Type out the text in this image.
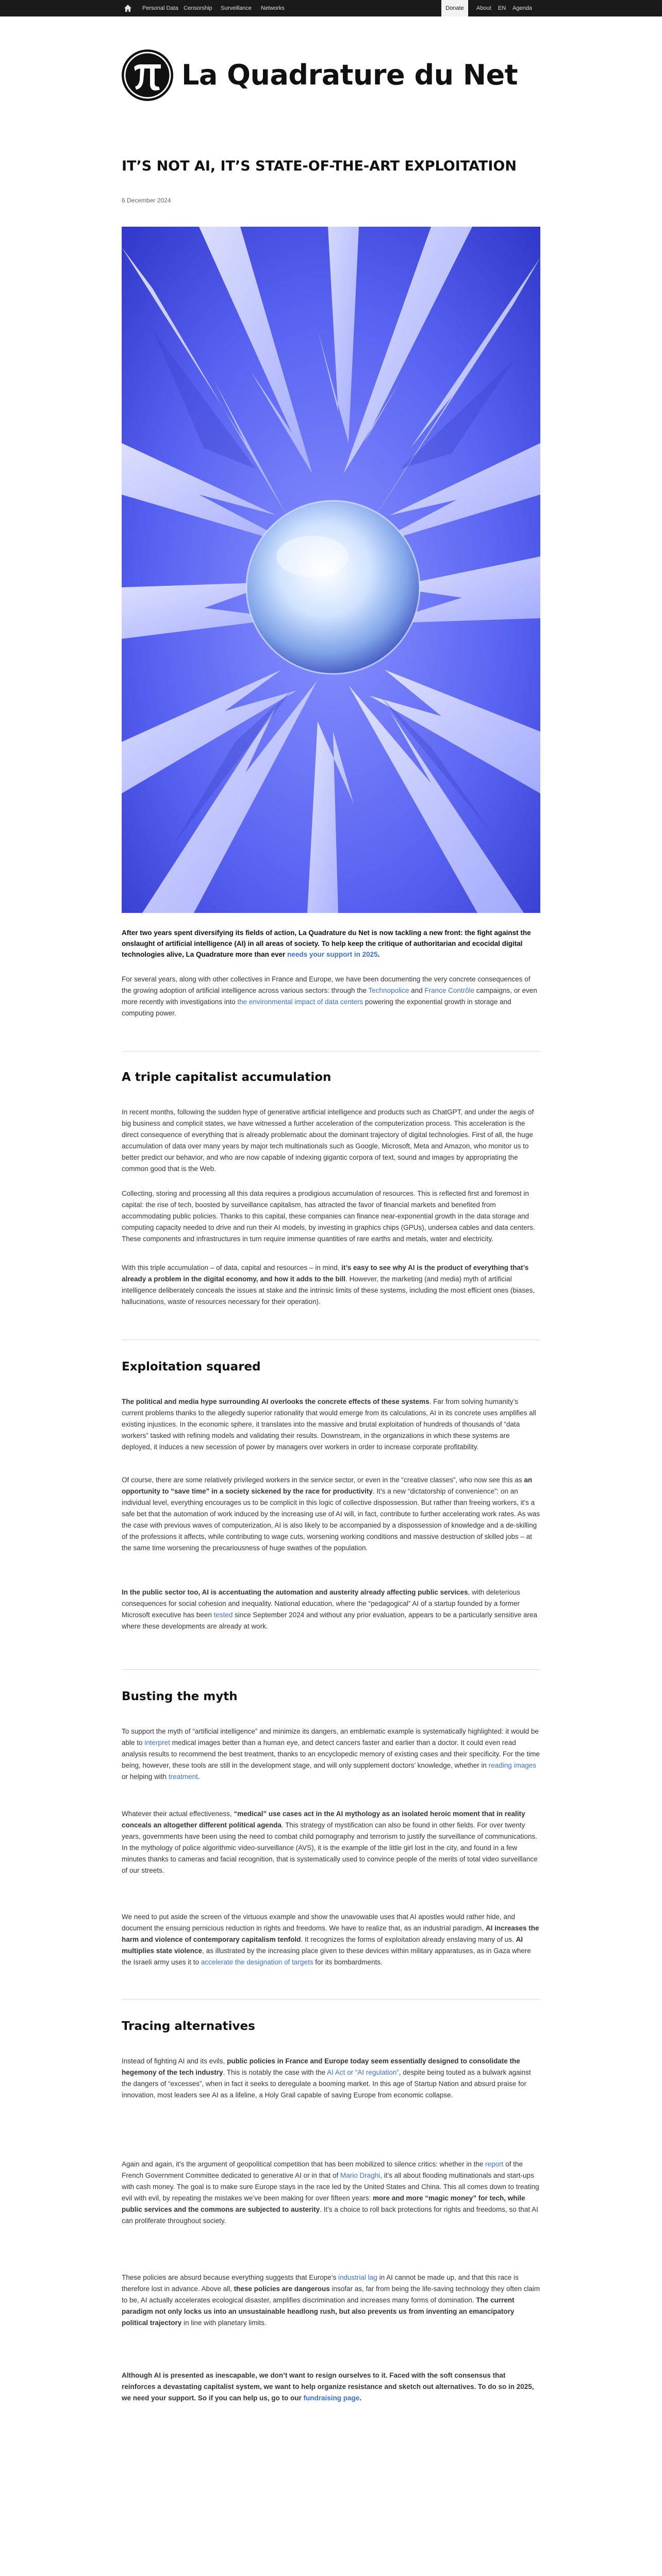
Personal Data Censorship Surveillance Networks	Donate	About EN Agenda
La Quadrature du Net
IT’S NOT AI, IT’S STATE-OF-THE-ART EXPLOITATION
6 December 2024
After two years spent diversifying its fields of action, La Quadrature du Net is now tackling a new front: the fight against the onslaught of artificial intelligence (AI) in all areas of society. To help keep the critique of authoritarian and ecocidal digital technologies alive, La Quadrature more than ever needs your support in 2025.

For several years, along with other collectives in France and Europe, we have been documenting the very concrete consequences of the growing adoption of artificial intelligence across various sectors: through the Technopolice and France Contrôle campaigns, or even more recently with investigations into the environmental impact of data centers powering the exponential growth in storage and computing power.

A triple capitalist accumulation

In recent months, following the sudden hype of generative artificial intelligence and products such as ChatGPT, and under the aegis of big business and complicit states, we have witnessed a further acceleration of the computerization process. This acceleration is the direct consequence of everything that is already problematic about the dominant trajectory of digital technologies. First of all, the huge accumulation of data over many years by major tech multinationals such as Google, Microsoft, Meta and Amazon, who monitor us to better predict our behavior, and who are now capable of indexing gigantic corpora of text, sound and images by appropriating the common good that is the Web.

Collecting, storing and processing all this data requires a prodigious accumulation of resources. This is reflected first and foremost in capital: the rise of tech, boosted by surveillance capitalism, has attracted the favor of financial markets and benefited from accommodating public policies. Thanks to this capital, these companies can finance near-exponential growth in the data storage and computing capacity needed to drive and run their AI models, by investing in graphics chips (GPUs), undersea cables and data centers. These components and infrastructures in turn require immense quantities of rare earths and metals, water and electricity.

With this triple accumulation – of data, capital and resources – in mind, it’s easy to see why AI is the product of everything that’s already a problem in the digital economy, and how it adds to the bill. However, the marketing (and media) myth of artificial intelligence deliberately conceals the issues at stake and the intrinsic limits of these systems, including the most efficient ones (biases, hallucinations, waste of resources necessary for their operation).

Exploitation squared

The political and media hype surrounding AI overlooks the concrete effects of these systems. Far from solving humanity’s current problems thanks to the allegedly superior rationality that would emerge from its calculations, AI in its concrete uses amplifies all existing injustices. In the economic sphere, it translates into the massive and brutal exploitation of hundreds of thousands of “data workers” tasked with refining models and validating their results. Downstream, in the organizations in which these systems are deployed, it induces a new secession of power by managers over workers in order to increase corporate profitability.

Of course, there are some relatively privileged workers in the service sector, or even in the “creative classes”, who now see this as an opportunity to “save time” in a society sickened by the race for productivity. It’s a new “dictatorship of convenience”: on an individual level, everything encourages us to be complicit in this logic of collective dispossession. But rather than freeing workers, it’s a safe bet that the automation of work induced by the increasing use of AI will, in fact, contribute to further accelerating work rates. As was the case with previous waves of computerization, AI is also likely to be accompanied by a dispossession of knowledge and a de-skilling of the professions it affects, while contributing to wage cuts, worsening working conditions and massive destruction of skilled jobs – at the same time worsening the precariousness of huge swathes of the population.

In the public sector too, AI is accentuating the automation and austerity already affecting public services, with deleterious consequences for social cohesion and inequality. National education, where the “pedagogical” AI of a startup founded by a former Microsoft executive has been tested since September 2024 and without any prior evaluation, appears to be a particularly sensitive area where these developments are already at work.

Busting the myth

To support the myth of “artificial intelligence” and minimize its dangers, an emblematic example is systematically highlighted: it would be able to interpret medical images better than a human eye, and detect cancers faster and earlier than a doctor. It could even read analysis results to recommend the best treatment, thanks to an encyclopedic memory of existing cases and their specificity. For the time being, however, these tools are still in the development stage, and will only supplement doctors’ knowledge, whether in reading images or helping with treatment.

Whatever their actual effectiveness, “medical” use cases act in the AI mythology as an isolated heroic moment that in reality conceals an altogether different political agenda. This strategy of mystification can also be found in other fields. For over twenty years, governments have been using the need to combat child pornography and terrorism to justify the surveillance of communications. In the mythology of police algorithmic video-surveillance (AVS), it is the example of the little girl lost in the city, and found in a few minutes thanks to cameras and facial recognition, that is systematically used to convince people of the merits of total video surveillance of our streets.

We need to put aside the screen of the virtuous example and show the unavowable uses that AI apostles would rather hide, and document the ensuing pernicious reduction in rights and freedoms. We have to realize that, as an industrial paradigm, AI increases the harm and violence of contemporary capitalism tenfold. It recognizes the forms of exploitation already enslaving many of us. AI multiplies state violence, as illustrated by the increasing place given to these devices within military apparatuses, as in Gaza where the Israeli army uses it to accelerate the designation of targets for its bombardments.

Tracing alternatives

Instead of fighting AI and its evils, public policies in France and Europe today seem essentially designed to consolidate the hegemony of the tech industry. This is notably the case with the AI Act or “AI regulation”, despite being touted as a bulwark against the dangers of “excesses”, when in fact it seeks to deregulate a booming market. In this age of Startup Nation and absurd praise for innovation, most leaders see AI as a lifeline, a Holy Grail capable of saving Europe from economic collapse.

Again and again, it’s the argument of geopolitical competition that has been mobilized to silence critics: whether in the report of the French Government Committee dedicated to generative AI or in that of Mario Draghi, it’s all about flooding multinationals and start-ups with cash money. The goal is to make sure Europe stays in the race led by the United States and China. This all comes down to treating evil with evil, by repeating the mistakes we’ve been making for over fifteen years: more and more “magic money” for tech, while public services and the commons are subjected to austerity. It’s a choice to roll back protections for rights and freedoms, so that AI can proliferate throughout society.

These policies are absurd because everything suggests that Europe’s industrial lag in AI cannot be made up, and that this race is therefore lost in advance. Above all, these policies are dangerous insofar as, far from being the life-saving technology they often claim to be, AI actually accelerates ecological disaster, amplifies discrimination and increases many forms of domination. The current paradigm not only locks us into an unsustainable headlong rush, but also prevents us from inventing an emancipatory political trajectory in line with planetary limits.

Although AI is presented as inescapable, we don’t want to resign ourselves to it. Faced with the soft consensus that reinforces a devastating capitalist system, we want to help organize resistance and sketch out alternatives. To do so in 2025, we need your support. So if you can help us, go to our fundraising page.
